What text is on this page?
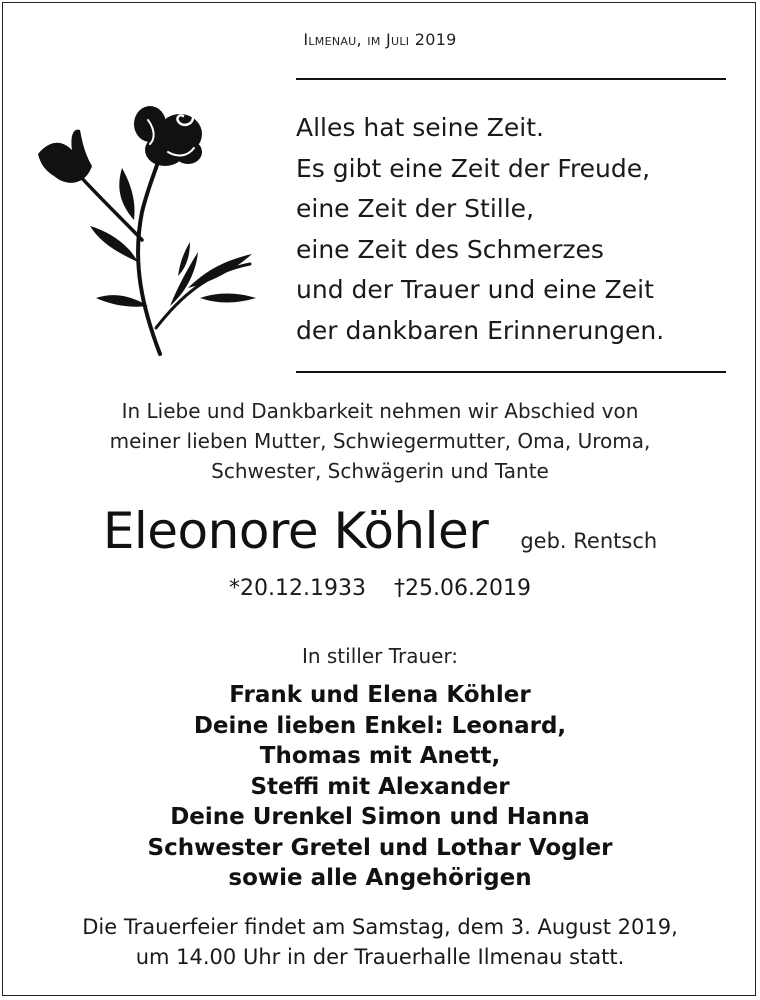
Ilmenau, im Juli 2019
Alles hat seine Zeit.
Es gibt eine Zeit der Freude,
eine Zeit der Stille,
eine Zeit des Schmerzes
und der Trauer und eine Zeit
der dankbaren Erinnerungen.
In Liebe und Dankbarkeit nehmen wir Abschied von
meiner lieben Mutter, Schwiegermutter, Oma, Uroma,
Schwester, Schwägerin und Tante
Eleonore Köhler geb. Rentsch
*20.12.1933 †25.06.2019
In stiller Trauer:
Frank und Elena Köhler
Deine lieben Enkel: Leonard,
Thomas mit Anett,
Steffi mit Alexander
Deine Urenkel Simon und Hanna
Schwester Gretel und Lothar Vogler
sowie alle Angehörigen
Die Trauerfeier findet am Samstag, dem 3. August 2019,
um 14.00 Uhr in der Trauerhalle Ilmenau statt.
